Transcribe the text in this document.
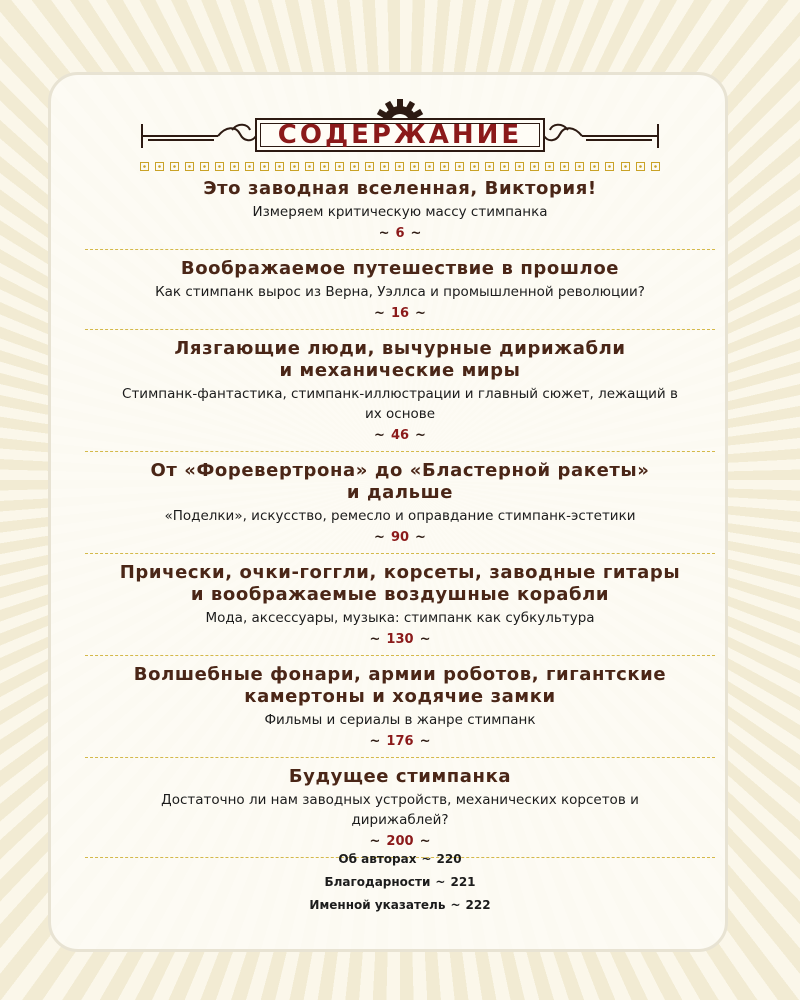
СОДЕРЖАНИЕ
Это заводная вселенная, Виктория!
Измеряем критическую массу стимпанка
~ 6 ~
Воображаемое путешествие в прошлое
Как стимпанк вырос из Верна, Уэллса и промышленной революции?
~ 16 ~
Лязгающие люди, вычурные дирижабли
и механические миры
Стимпанк-фантастика, стимпанк-иллюстрации и главный сюжет, лежащий в
их основе
~ 46 ~
От «Форевертрона» до «Бластерной ракеты»
и дальше
«Поделки», искусство, ремесло и оправдание стимпанк-эстетики
~ 90 ~
Прически, очки-гоггли, корсеты, заводные гитары
и воображаемые воздушные корабли
Мода, аксессуары, музыка: стимпанк как субкультура
~ 130 ~
Волшебные фонари, армии роботов, гигантские
камертоны и ходячие замки
Фильмы и сериалы в жанре стимпанк
~ 176 ~
Будущее стимпанка
Достаточно ли нам заводных устройств, механических корсетов и
дирижаблей?
~ 200 ~
Об авторах ~ 220
Благодарности ~ 221
Именной указатель ~ 222
